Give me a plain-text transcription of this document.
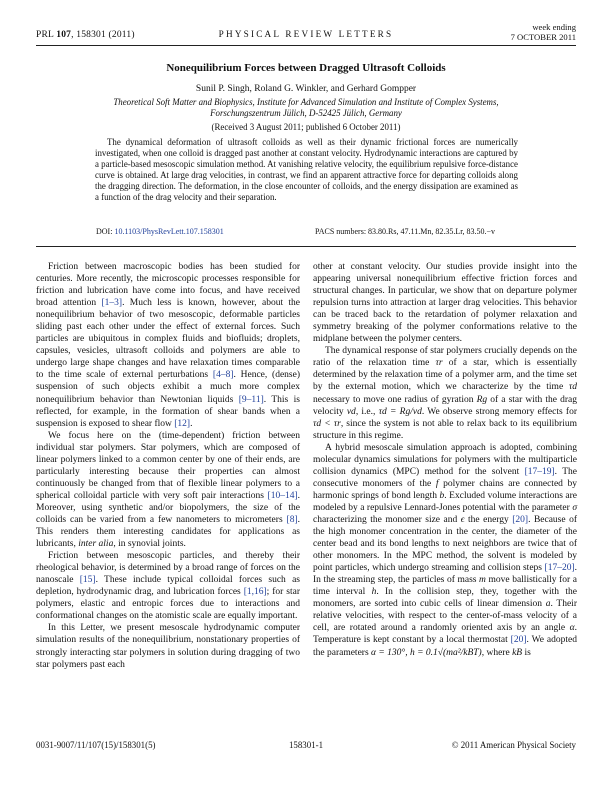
PRL 107, 158301 (2011)	PHYSICAL REVIEW LETTERS
week ending
7 OCTOBER 2011
Nonequilibrium Forces between Dragged Ultrasoft Colloids
Sunil P. Singh, Roland G. Winkler, and Gerhard Gompper
Theoretical Soft Matter and Biophysics, Institute for Advanced Simulation and Institute of Complex Systems,
Forschungszentrum Jülich, D-52425 Jülich, Germany
(Received 3 August 2011; published 6 October 2011)
The dynamical deformation of ultrasoft colloids as well as their dynamic frictional forces are numerically investigated, when one colloid is dragged past another at constant velocity. Hydrodynamic interactions are captured by a particle-based mesoscopic simulation method. At vanishing relative velocity, the equilibrium repulsive force-distance curve is obtained. At large drag velocities, in contrast, we find an apparent attractive force for departing colloids along the dragging direction. The deformation, in the close encounter of colloids, and the energy dissipation are examined as a function of the drag velocity and their separation.
DOI: 10.1103/PhysRevLett.107.158301	PACS numbers: 83.80.Rs, 47.11.Mn, 82.35.Lr, 83.50.−v

Friction between macroscopic bodies has been studied for centuries. More recently, the microscopic processes responsible for friction and lubrication have come into focus, and have received broad attention [1–3]. Much less is known, however, about the nonequilibrium behavior of two mesoscopic, deformable particles sliding past each other under the effect of external forces. Such particles are ubiquitous in complex fluids and biofluids; droplets, capsules, vesicles, ultrasoft colloids and polymers are able to undergo large shape changes and have relaxation times comparable to the time scale of external perturbations [4–8]. Hence, (dense) suspension of such objects exhibit a much more complex nonequilibrium behavior than Newtonian liquids [9–11]. This is reflected, for example, in the formation of shear bands when a suspension is exposed to shear flow [12].

We focus here on the (time-dependent) friction between individual star polymers. Star polymers, which are composed of linear polymers linked to a common center by one of their ends, are particularly interesting because their properties can almost continuously be changed from that of flexible linear polymers to a spherical colloidal particle with very soft pair interactions [10–14]. Moreover, using synthetic and/or biopolymers, the size of the colloids can be varied from a few nanometers to micrometers [8]. This renders them interesting candidates for applications as lubricants, inter alia, in synovial joints.

Friction between mesoscopic particles, and thereby their rheological behavior, is determined by a broad range of forces on the nanoscale [15]. These include typical colloidal forces such as depletion, hydrodynamic drag, and lubrication forces [1,16]; for star polymers, elastic and entropic forces due to interactions and conformational changes on the atomistic scale are equally important.

In this Letter, we present mesoscale hydrodynamic computer simulation results of the nonequilibrium, nonstationary properties of strongly interacting star polymers in solution during dragging of two star polymers past each

other at constant velocity. Our studies provide insight into the appearing universal nonequilibrium effective friction forces and structural changes. In particular, we show that on departure polymer repulsion turns into attraction at larger drag velocities. This behavior can be traced back to the retardation of polymer relaxation and symmetry breaking of the polymer conformations relative to the midplane between the polymer centers.

The dynamical response of star polymers crucially depends on the ratio of the relaxation time τr of a star, which is essentially determined by the relaxation time of a polymer arm, and the time set by the external motion, which we characterize by the time τd necessary to move one radius of gyration Rg of a star with the drag velocity vd, i.e., τd = Rg/vd. We observe strong memory effects for τd < τr, since the system is not able to relax back to its equilibrium structure in this regime.

A hybrid mesoscale simulation approach is adopted, combining molecular dynamics simulations for polymers with the multiparticle collision dynamics (MPC) method for the solvent [17–19]. The consecutive monomers of the f polymer chains are connected by harmonic springs of bond length b. Excluded volume interactions are modeled by a repulsive Lennard-Jones potential with the parameter σ characterizing the monomer size and ϵ the energy [20]. Because of the high monomer concentration in the center, the diameter of the center bead and its bond lengths to next neighbors are twice that of other monomers. In the MPC method, the solvent is modeled by point particles, which undergo streaming and collision steps [17–20]. In the streaming step, the particles of mass m move ballistically for a time interval h. In the collision step, they, together with the monomers, are sorted into cubic cells of linear dimension a. Their relative velocities, with respect to the center-of-mass velocity of a cell, are rotated around a randomly oriented axis by an angle α. Temperature is kept constant by a local thermostat [20]. We adopted the parameters α = 130°, h = 0.1√(ma²/kBT), where kB is

0031-9007/11/107(15)/158301(5)	158301-1	© 2011 American Physical Society
